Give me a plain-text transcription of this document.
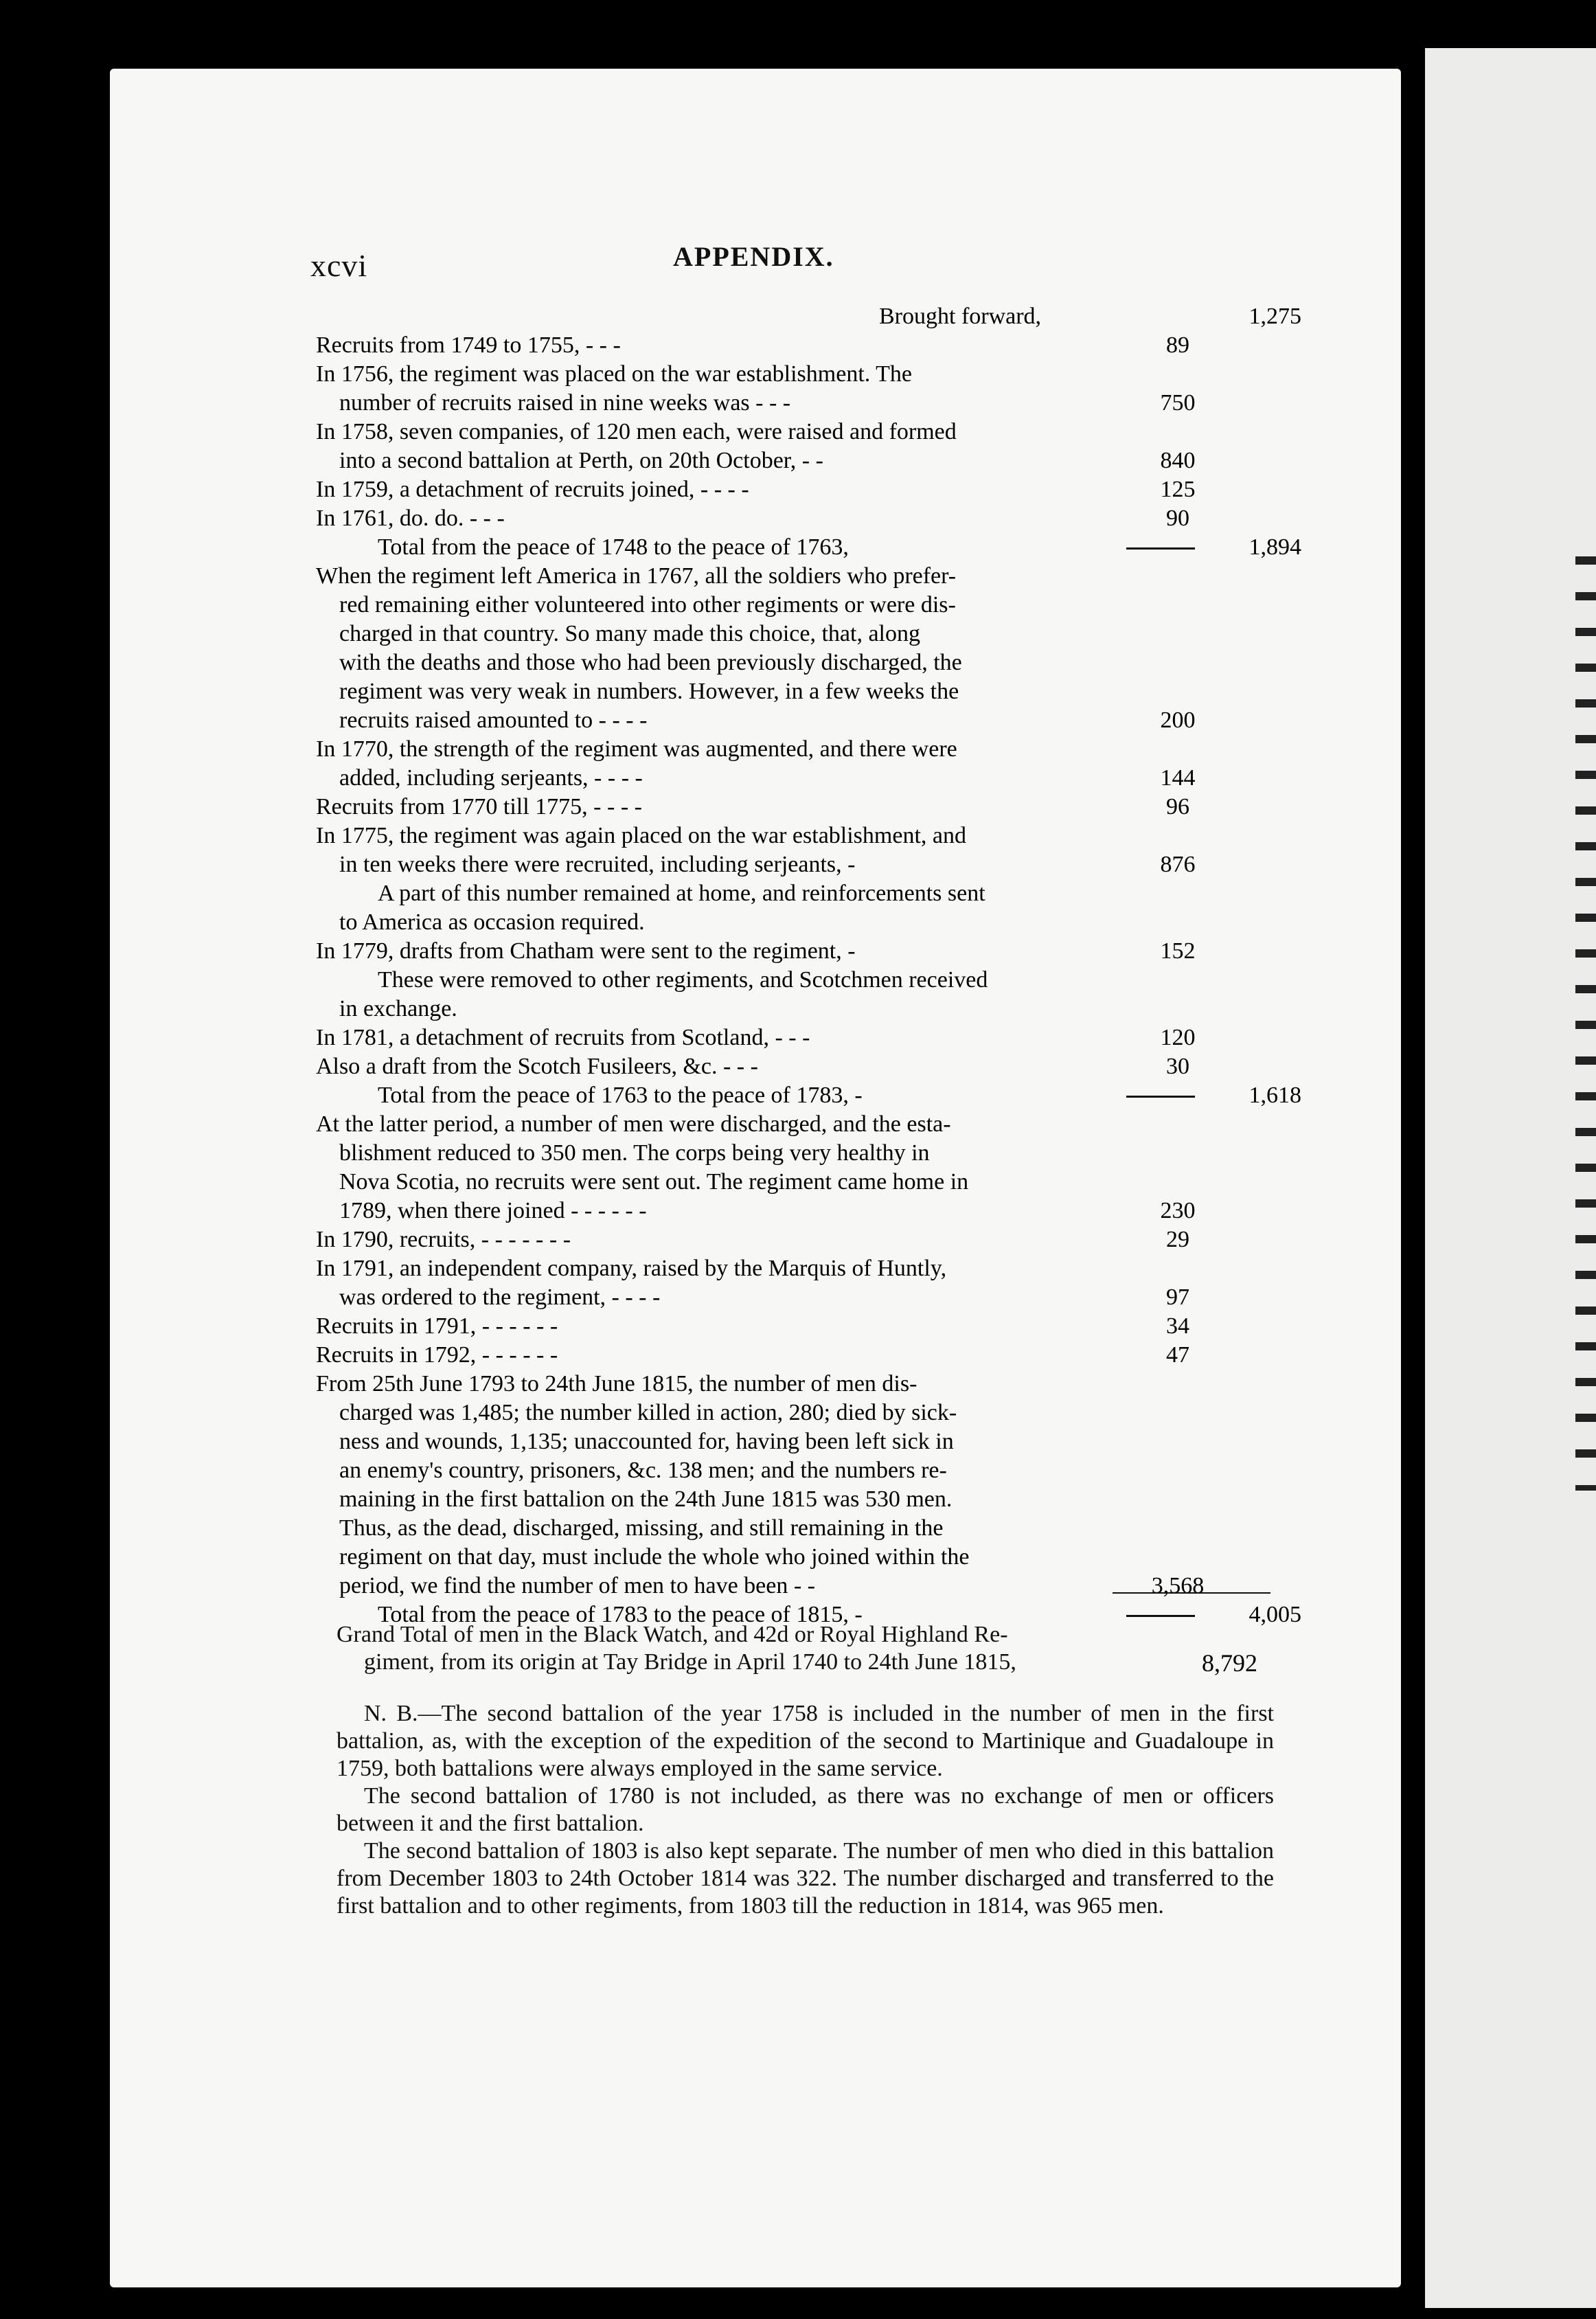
xcvi	APPENDIX.
Brought forward,	1,275
Recruits from 1749 to 1755, - - -	89
In 1756, the regiment was placed on the war establishment. The
number of recruits raised in nine weeks was - - -	750
In 1758, seven companies, of 120 men each, were raised and formed
into a second battalion at Perth, on 20th October, - -	840
In 1759, a detachment of recruits joined, - - - -	125
In 1761, do. do. - - -	90
Total from the peace of 1748 to the peace of 1763,	1,894
When the regiment left America in 1767, all the soldiers who prefer-
red remaining either volunteered into other regiments or were dis-
charged in that country. So many made this choice, that, along
with the deaths and those who had been previously discharged, the
regiment was very weak in numbers. However, in a few weeks the
recruits raised amounted to - - - -	200
In 1770, the strength of the regiment was augmented, and there were
added, including serjeants, - - - -	144
Recruits from 1770 till 1775, - - - -	96
In 1775, the regiment was again placed on the war establishment, and
in ten weeks there were recruited, including serjeants, -	876
A part of this number remained at home, and reinforcements sent
to America as occasion required.
In 1779, drafts from Chatham were sent to the regiment, -	152
These were removed to other regiments, and Scotchmen received
in exchange.
In 1781, a detachment of recruits from Scotland, - - -	120
Also a draft from the Scotch Fusileers, &c. - - -	30
Total from the peace of 1763 to the peace of 1783, -	1,618
At the latter period, a number of men were discharged, and the esta-
blishment reduced to 350 men. The corps being very healthy in
Nova Scotia, no recruits were sent out. The regiment came home in
1789, when there joined - - - - - -	230
In 1790, recruits, - - - - - - -	29
In 1791, an independent company, raised by the Marquis of Huntly,
was ordered to the regiment, - - - -	97
Recruits in 1791, - - - - - -	34
Recruits in 1792, - - - - - -	47
From 25th June 1793 to 24th June 1815, the number of men dis-
charged was 1,485; the number killed in action, 280; died by sick-
ness and wounds, 1,135; unaccounted for, having been left sick in
an enemy's country, prisoners, &c. 138 men; and the numbers re-
maining in the first battalion on the 24th June 1815 was 530 men.
Thus, as the dead, discharged, missing, and still remaining in the
regiment on that day, must include the whole who joined within the
period, we find the number of men to have been - -	3,568
Total from the peace of 1783 to the peace of 1815, -	4,005

Grand Total of men in the Black Watch, and 42d or Royal Highland Re-

giment, from its origin at Tay Bridge in April 1740 to 24th June 1815,	8,792

N. B.—The second battalion of the year 1758 is included in the number of men in the first battalion, as, with the exception of the expedition of the second to Martinique and Guadaloupe in 1759, both battalions were always employed in the same service.

The second battalion of 1780 is not included, as there was no exchange of men or officers between it and the first battalion.

The second battalion of 1803 is also kept separate. The number of men who died in this battalion from December 1803 to 24th October 1814 was 322. The number discharged and transferred to the first battalion and to other regiments, from 1803 till the reduction in 1814, was 965 men.
